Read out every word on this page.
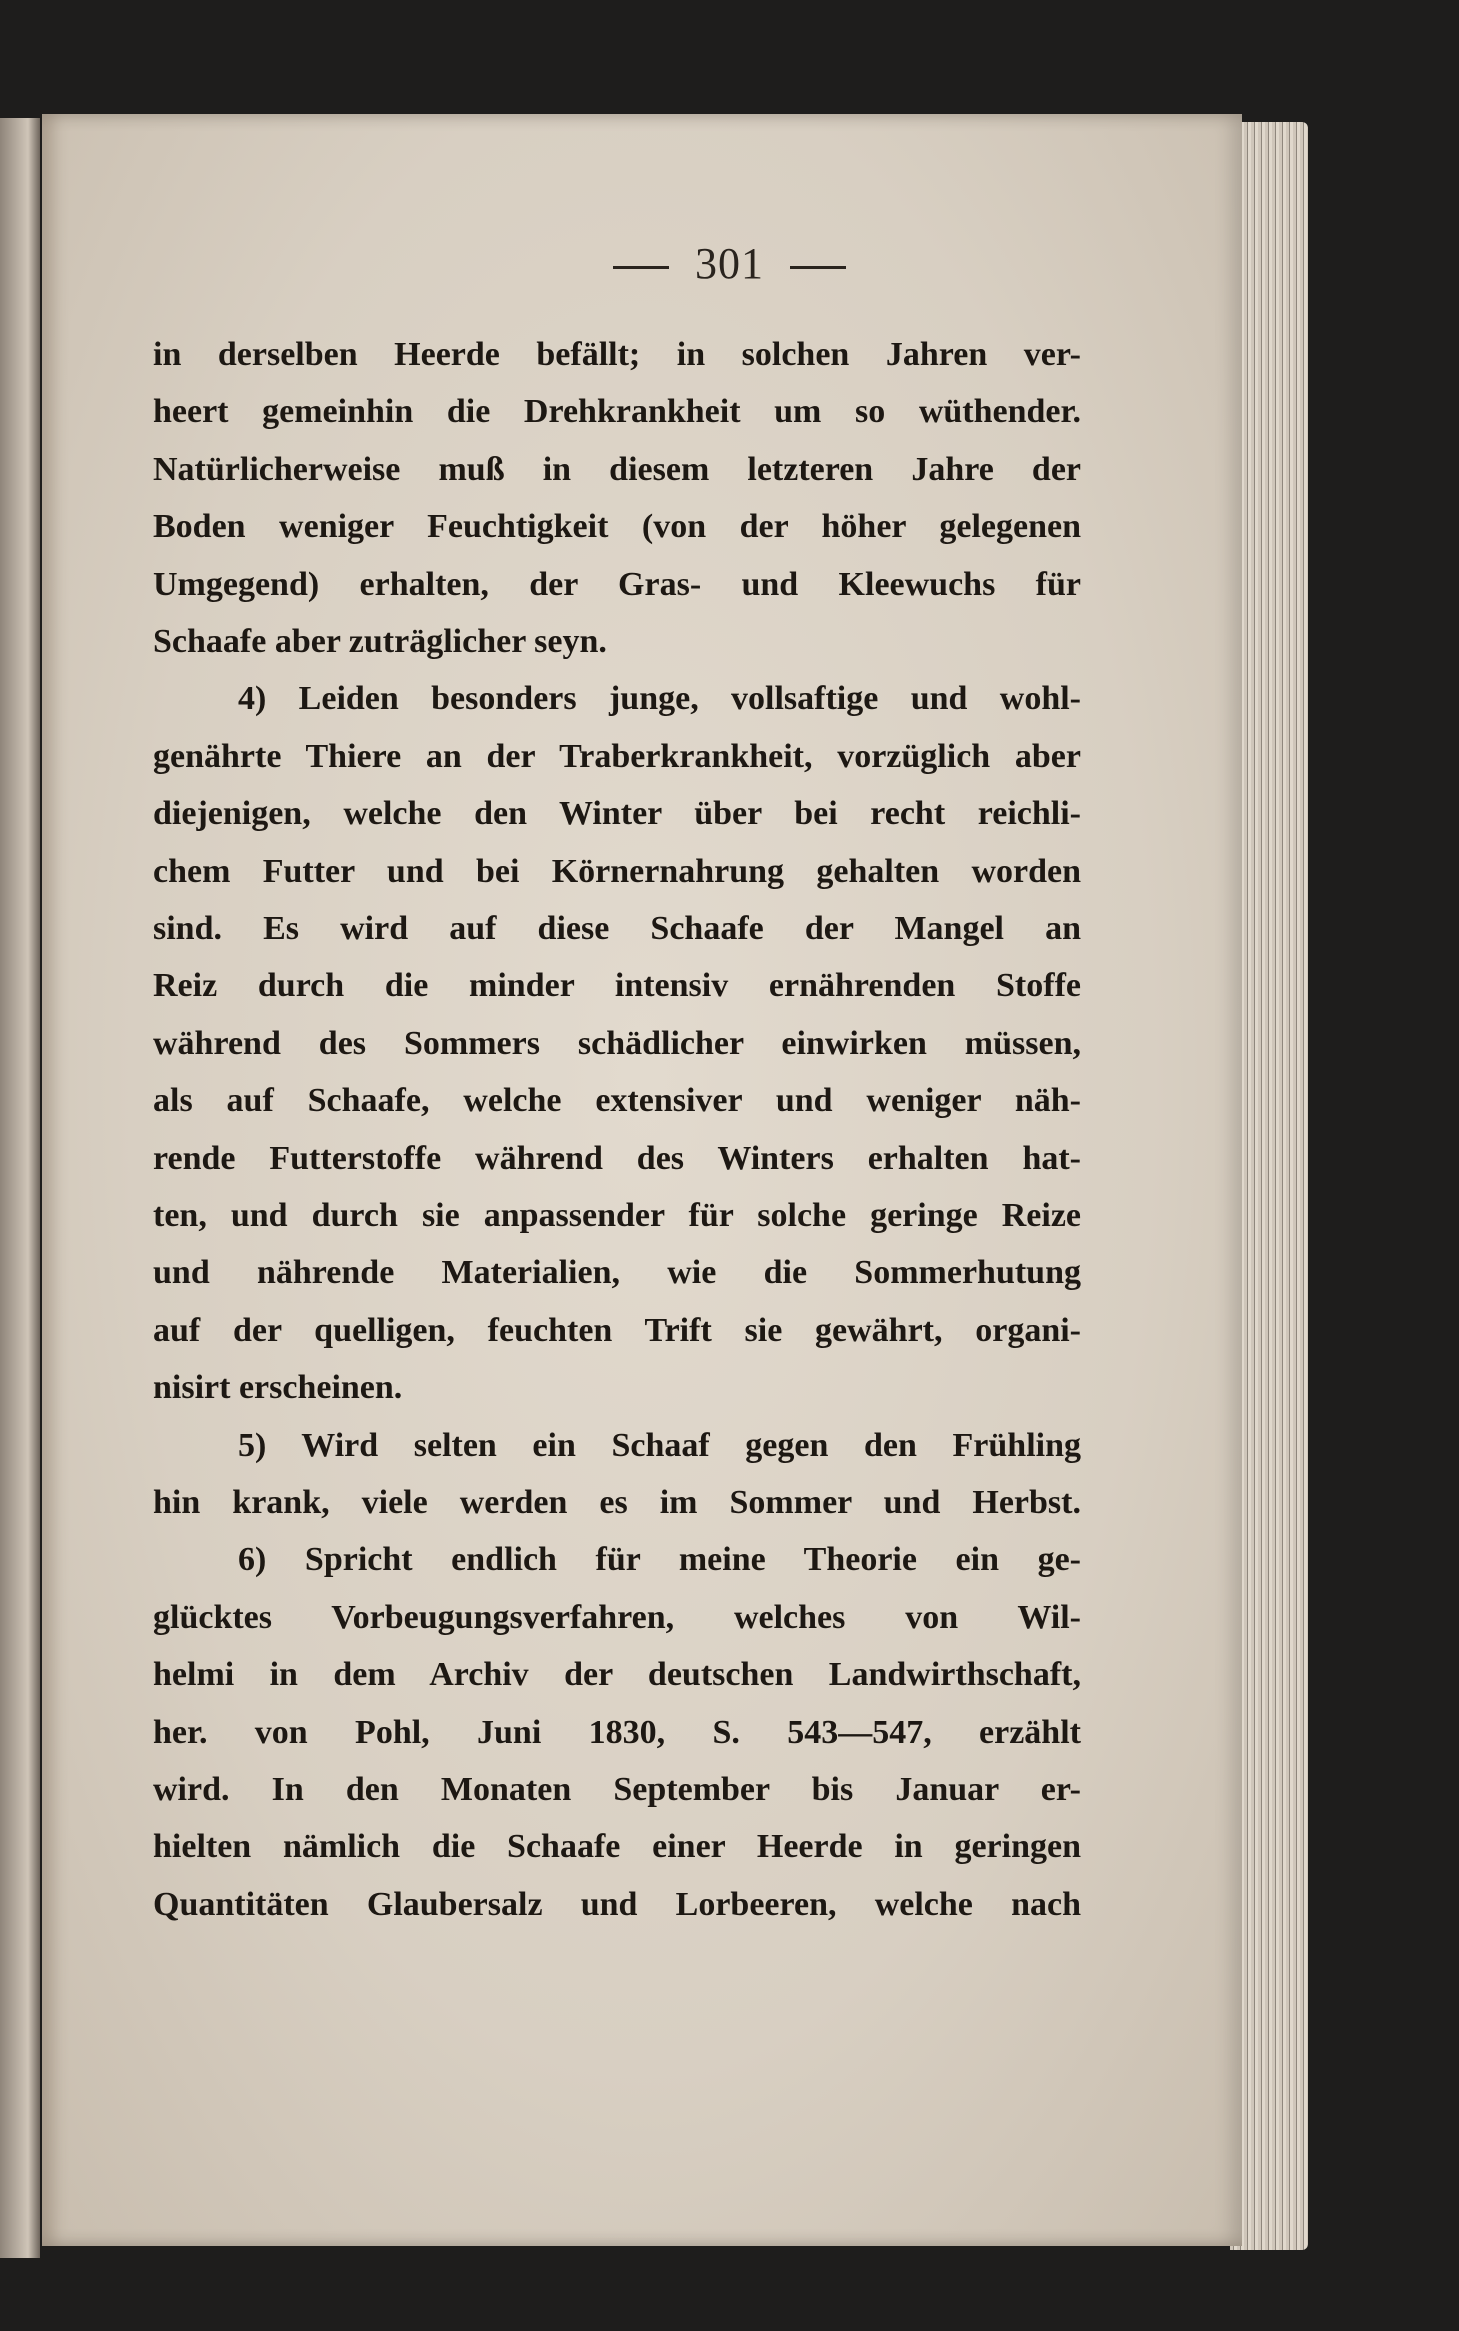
301
in derselben Heerde befällt; in solchen Jahren ver-
heert gemeinhin die Drehkrankheit um so wüthender.
Natürlicherweise muß in diesem letzteren Jahre der
Boden weniger Feuchtigkeit (von der höher gelegenen
Umgegend) erhalten, der Gras- und Kleewuchs für
Schaafe aber zuträglicher seyn.
4) Leiden besonders junge, vollsaftige und wohl-
genährte Thiere an der Traberkrankheit, vorzüglich aber
diejenigen, welche den Winter über bei recht reichli-
chem Futter und bei Körnernahrung gehalten worden
sind. Es wird auf diese Schaafe der Mangel an
Reiz durch die minder intensiv ernährenden Stoffe
während des Sommers schädlicher einwirken müssen,
als auf Schaafe, welche extensiver und weniger näh-
rende Futterstoffe während des Winters erhalten hat-
ten, und durch sie anpassender für solche geringe Reize
und nährende Materialien, wie die Sommerhutung
auf der quelligen, feuchten Trift sie gewährt, organi-
nisirt erscheinen.
5) Wird selten ein Schaaf gegen den Frühling
hin krank, viele werden es im Sommer und Herbst.
6) Spricht endlich für meine Theorie ein ge-
glücktes Vorbeugungsverfahren, welches von Wil-
helmi in dem Archiv der deutschen Landwirthschaft,
her. von Pohl, Juni 1830, S. 543—547, erzählt
wird. In den Monaten September bis Januar er-
hielten nämlich die Schaafe einer Heerde in geringen
Quantitäten Glaubersalz und Lorbeeren, welche nach
